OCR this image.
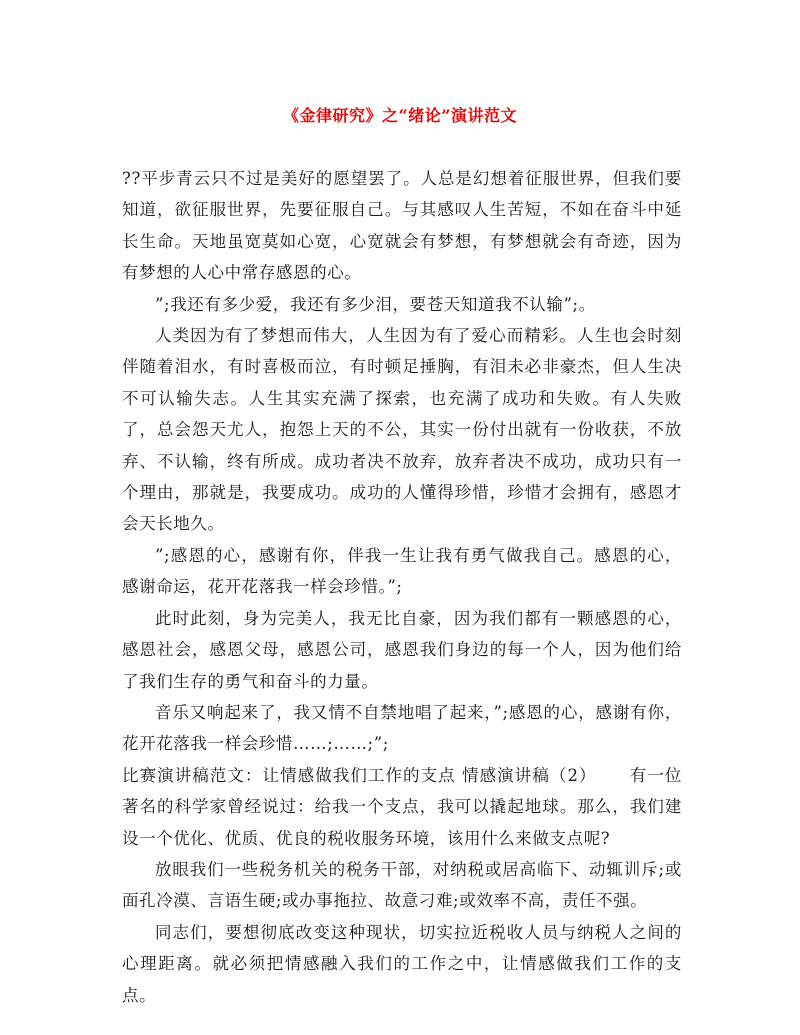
《金律研究》之“绪论”演讲范文

??平步青云只不过是美好的愿望罢了。人总是幻想着征服世界，但我们要知道，欲征服世界，先要征服自己。与其感叹人生苦短，不如在奋斗中延长生命。天地虽宽莫如心宽，心宽就会有梦想，有梦想就会有奇迹，因为有梦想的人心中常存感恩的心。

”;我还有多少爱，我还有多少泪，要苍天知道我不认输”;。

人类因为有了梦想而伟大，人生因为有了爱心而精彩。人生也会时刻伴随着泪水，有时喜极而泣，有时顿足捶胸，有泪未必非豪杰，但人生决不可认输失志。人生其实充满了探索，也充满了成功和失败。有人失败了，总会怨天尤人，抱怨上天的不公，其实一份付出就有一份收获，不放弃、不认输，终有所成。成功者决不放弃，放弃者决不成功，成功只有一个理由，那就是，我要成功。成功的人懂得珍惜，珍惜才会拥有，感恩才会天长地久。

”;感恩的心，感谢有你，伴我一生让我有勇气做我自己。感恩的心，感谢命运，花开花落我一样会珍惜。”;

此时此刻，身为完美人，我无比自豪，因为我们都有一颗感恩的心，感恩社会，感恩父母，感恩公司，感恩我们身边的每一个人，因为他们给了我们生存的勇气和奋斗的力量。

音乐又响起来了，我又情不自禁地唱了起来，”;感恩的心，感谢有你，花开花落我一样会珍惜……;……;”;

比赛演讲稿范文：让情感做我们工作的支点 情感演讲稿（2）　　 有一位著名的科学家曾经说过：给我一个支点，我可以撬起地球。那么，我们建设一个优化、优质、优良的税收服务环境，该用什么来做支点呢?

放眼我们一些税务机关的税务干部，对纳税或居高临下、动辄训斥;或面孔冷漠、言语生硬;或办事拖拉、故意刁难;或效率不高，责任不强。

同志们，要想彻底改变这种现状，切实拉近税收人员与纳税人之间的心理距离。就必须把情感融入我们的工作之中，让情感做我们工作的支点。
